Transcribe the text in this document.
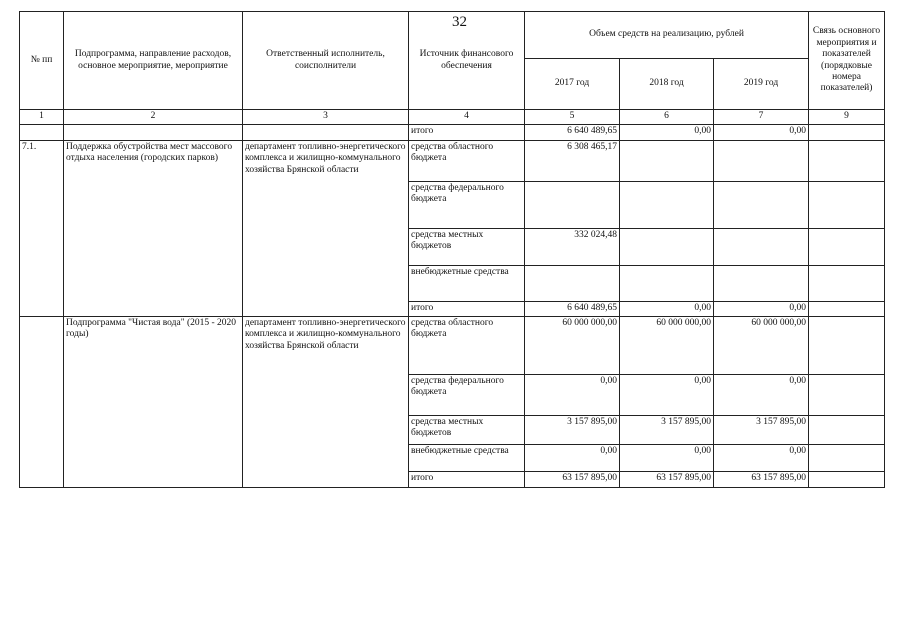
32
№ пп	Подпрограмма, направление расходов, основное мероприятие, мероприятие	Ответственный исполнитель, соисполнители	Источник финансового обеспечения	Объем средств на реализацию, рублей			Связь основного мероприятия и показателей (порядковые номера показателей)
				2017 год	2018 год	2019 год	
1	2	3	4	5	6	7	9
			итого	6 640 489,65	0,00	0,00	
7.1.	Поддержка обустройства мест массового отдыха населения (городских парков)	департамент топливно-энергетического комплекса и жилищно-коммунального хозяйства Брянской области	средства областного бюджета	6 308 465,17			
			средства федерального бюджета				
			средства местных бюджетов	332 024,48			
			внебюджетные средства				
			итого	6 640 489,65	0,00	0,00	
	Подпрограмма "Чистая вода" (2015 - 2020 годы)	департамент топливно-энергетического комплекса и жилищно-коммунального хозяйства Брянской области	средства областного бюджета	60 000 000,00	60 000 000,00	60 000 000,00	
			средства федерального бюджета	0,00	0,00	0,00	
			средства местных бюджетов	3 157 895,00	3 157 895,00	3 157 895,00	
			внебюджетные средства	0,00	0,00	0,00	
			итого	63 157 895,00	63 157 895,00	63 157 895,00	
